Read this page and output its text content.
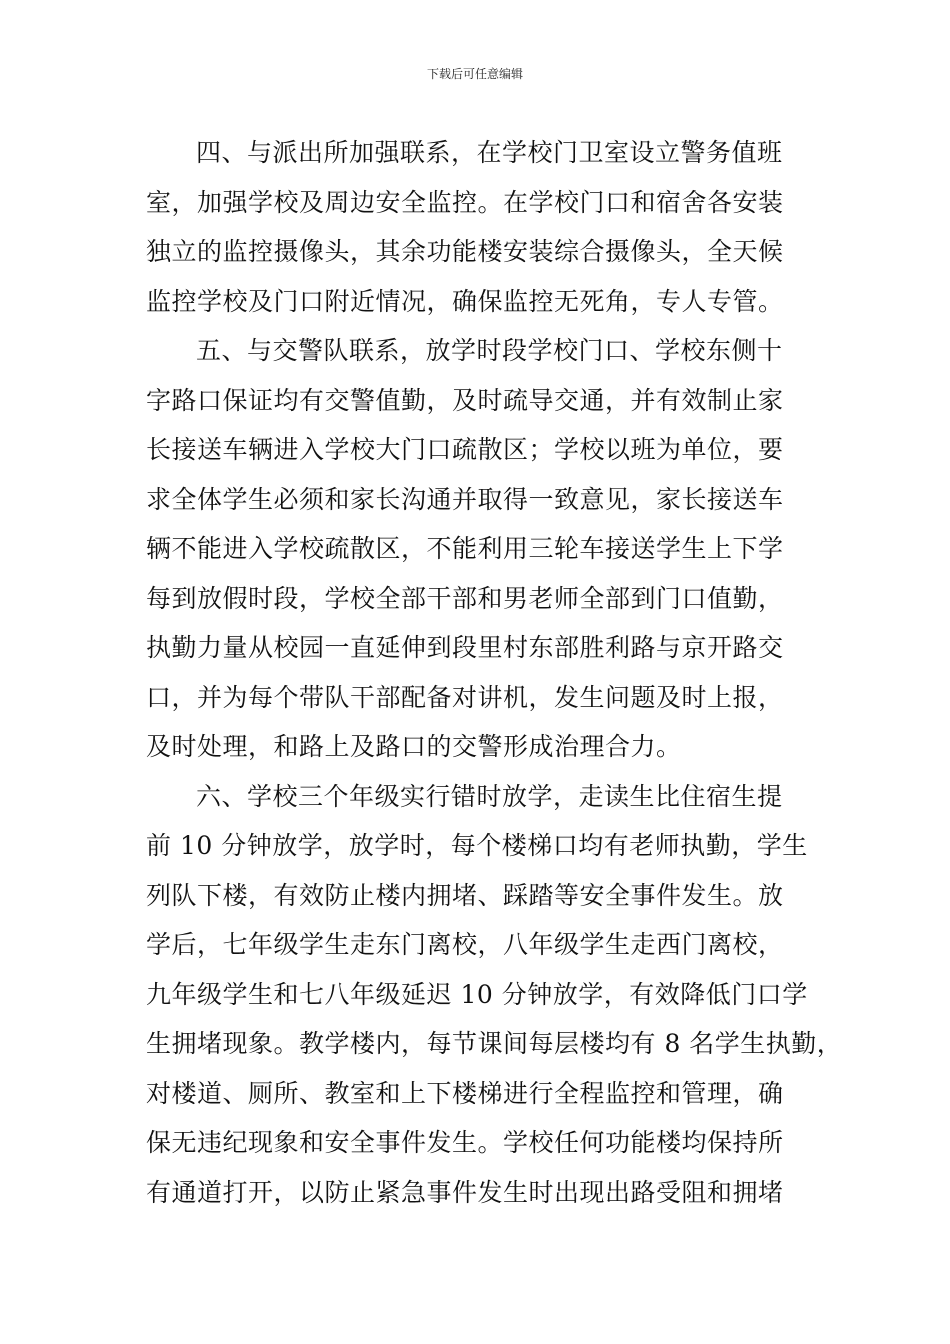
下载后可任意编辑
四、与派出所加强联系，在学校门卫室设立警务值班
室，加强学校及周边安全监控。在学校门口和宿舍各安装
独立的监控摄像头，其余功能楼安装综合摄像头，全天候
监控学校及门口附近情况，确保监控无死角，专人专管。
五、与交警队联系，放学时段学校门口、学校东侧十
字路口保证均有交警值勤，及时疏导交通，并有效制止家
长接送车辆进入学校大门口疏散区；学校以班为单位，要
求全体学生必须和家长沟通并取得一致意见，家长接送车
辆不能进入学校疏散区，不能利用三轮车接送学生上下学
每到放假时段，学校全部干部和男老师全部到门口值勤，
执勤力量从校园一直延伸到段里村东部胜利路与京开路交
口，并为每个带队干部配备对讲机，发生问题及时上报，
及时处理，和路上及路口的交警形成治理合力。
六、学校三个年级实行错时放学，走读生比住宿生提
前 10 分钟放学，放学时，每个楼梯口均有老师执勤，学生
列队下楼，有效防止楼内拥堵、踩踏等安全事件发生。放
学后，七年级学生走东门离校，八年级学生走西门离校，
九年级学生和七八年级延迟 10 分钟放学，有效降低门口学
生拥堵现象。教学楼内，每节课间每层楼均有 8 名学生执勤，
对楼道、厕所、教室和上下楼梯进行全程监控和管理，确
保无违纪现象和安全事件发生。学校任何功能楼均保持所
有通道打开，以防止紧急事件发生时出现出路受阻和拥堵
